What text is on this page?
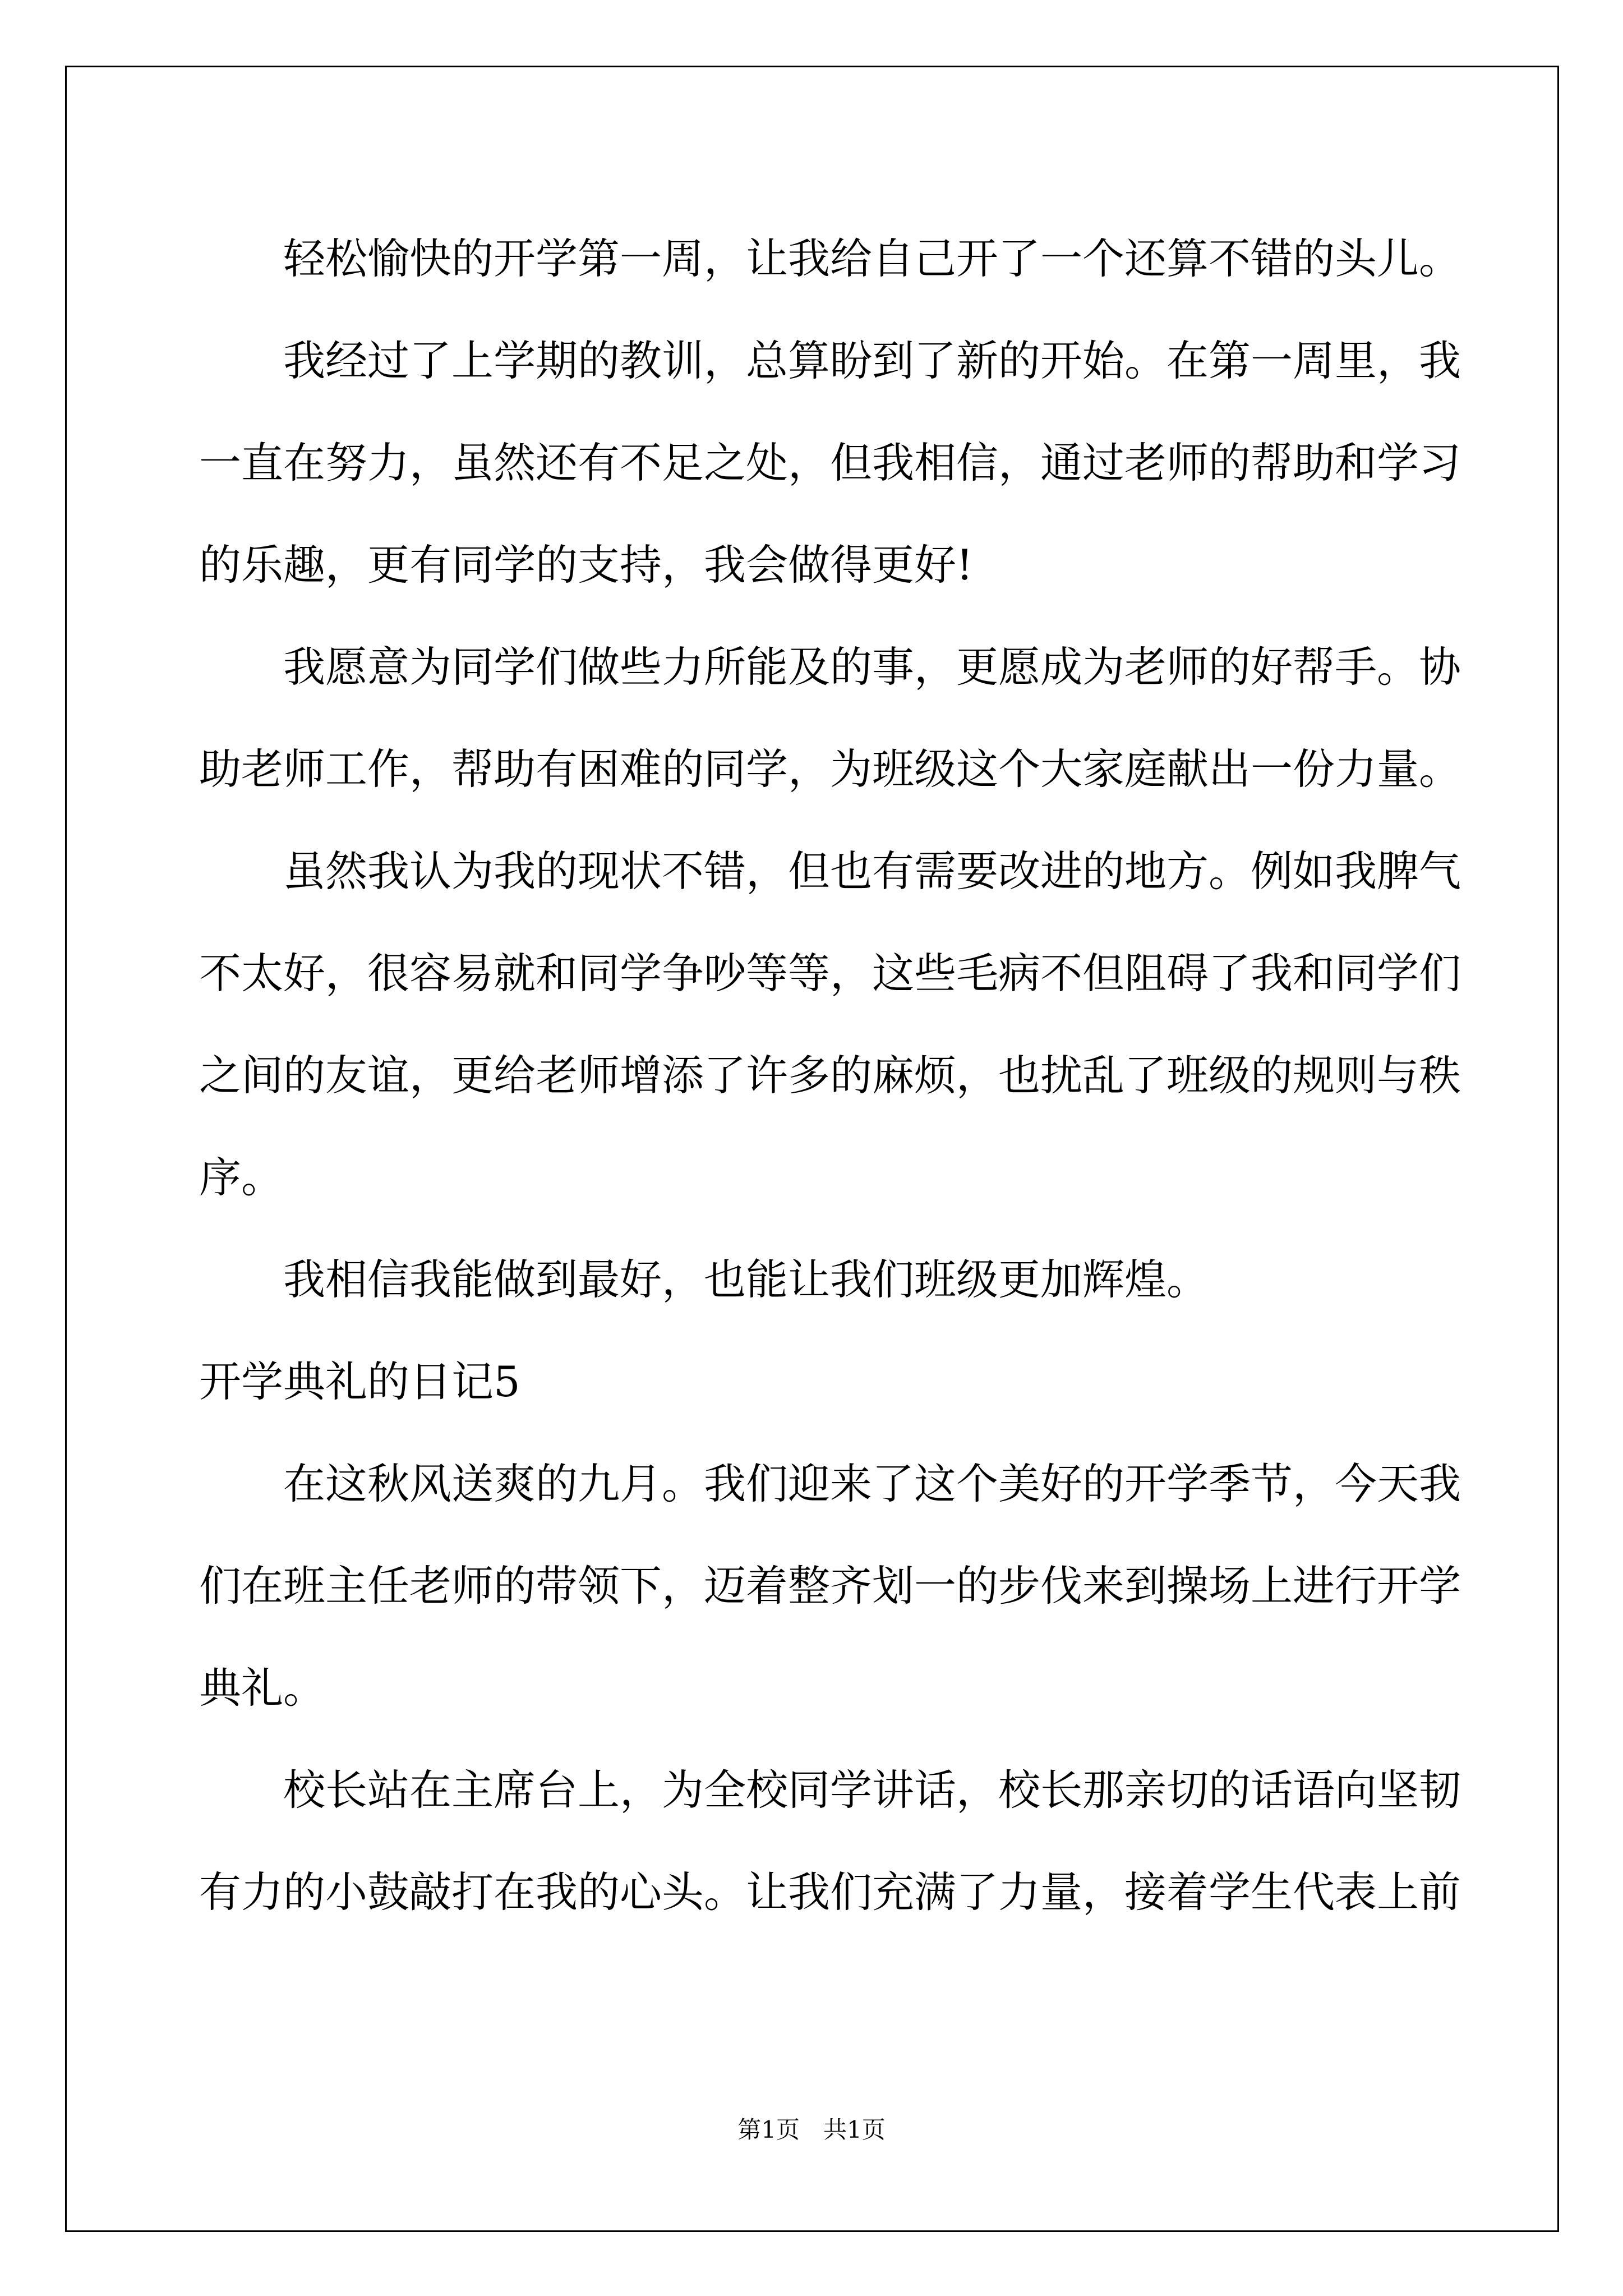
轻松愉快的开学第一周，让我给自己开了一个还算不错的头儿。
我经过了上学期的教训，总算盼到了新的开始。在第一周里，我
一直在努力，虽然还有不足之处，但我相信，通过老师的帮助和学习
的乐趣，更有同学的支持，我会做得更好!
我愿意为同学们做些力所能及的事，更愿成为老师的好帮手。协
助老师工作，帮助有困难的同学，为班级这个大家庭献出一份力量。
虽然我认为我的现状不错，但也有需要改进的地方。例如我脾气
不太好，很容易就和同学争吵等等，这些毛病不但阻碍了我和同学们
之间的友谊，更给老师增添了许多的麻烦，也扰乱了班级的规则与秩
序。
我相信我能做到最好，也能让我们班级更加辉煌。
开学典礼的日记5
在这秋风送爽的九月。我们迎来了这个美好的开学季节，今天我
们在班主任老师的带领下，迈着整齐划一的步伐来到操场上进行开学
典礼。
校长站在主席台上，为全校同学讲话，校长那亲切的话语向坚韧
有力的小鼓敲打在我的心头。让我们充满了力量，接着学生代表上前
第1页　共1页
